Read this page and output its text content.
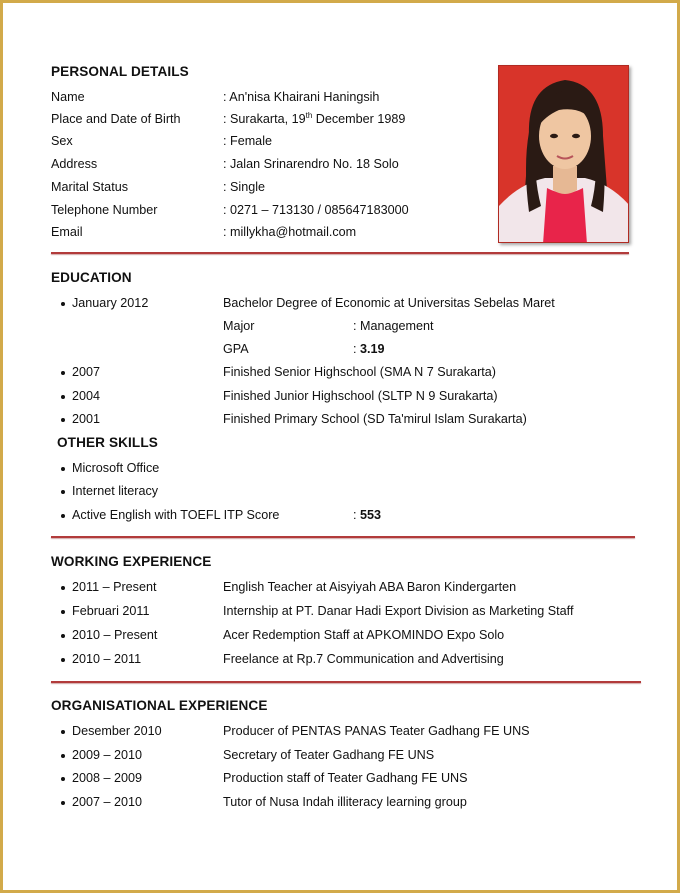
PERSONAL DETAILS
Name	: An'nisa Khairani Haningsih
Place and Date of Birth	: Surakarta, 19th December 1989
Sex	: Female
Address	: Jalan Srinarendro No. 18 Solo
Marital Status	: Single
Telephone Number	: 0271 – 713130 / 085647183000
Email	: millykha@hotmail.com
EDUCATION
January 2012	Bachelor Degree of Economic at Universitas Sebelas Maret
Major	: Management
GPA	: 3.19
2007	Finished Senior Highschool (SMA N 7 Surakarta)
2004	Finished Junior Highschool (SLTP N 9 Surakarta)
2001	Finished Primary School (SD Ta'mirul Islam Surakarta)
OTHER SKILLS
Microsoft Office
Internet literacy
Active English with TOEFL ITP Score	: 553
WORKING EXPERIENCE
2011 – Present	English Teacher at Aisyiyah ABA Baron Kindergarten
Februari 2011	Internship at PT. Danar Hadi Export Division as Marketing Staff
2010 – Present	Acer Redemption Staff at APKOMINDO Expo Solo
2010 – 2011	Freelance at Rp.7 Communication and Advertising
ORGANISATIONAL EXPERIENCE
Desember 2010	Producer of PENTAS PANAS Teater Gadhang FE UNS
2009 – 2010	Secretary of Teater Gadhang FE UNS
2008 – 2009	Production staff of Teater Gadhang FE UNS
2007 – 2010	Tutor of Nusa Indah illiteracy learning group
